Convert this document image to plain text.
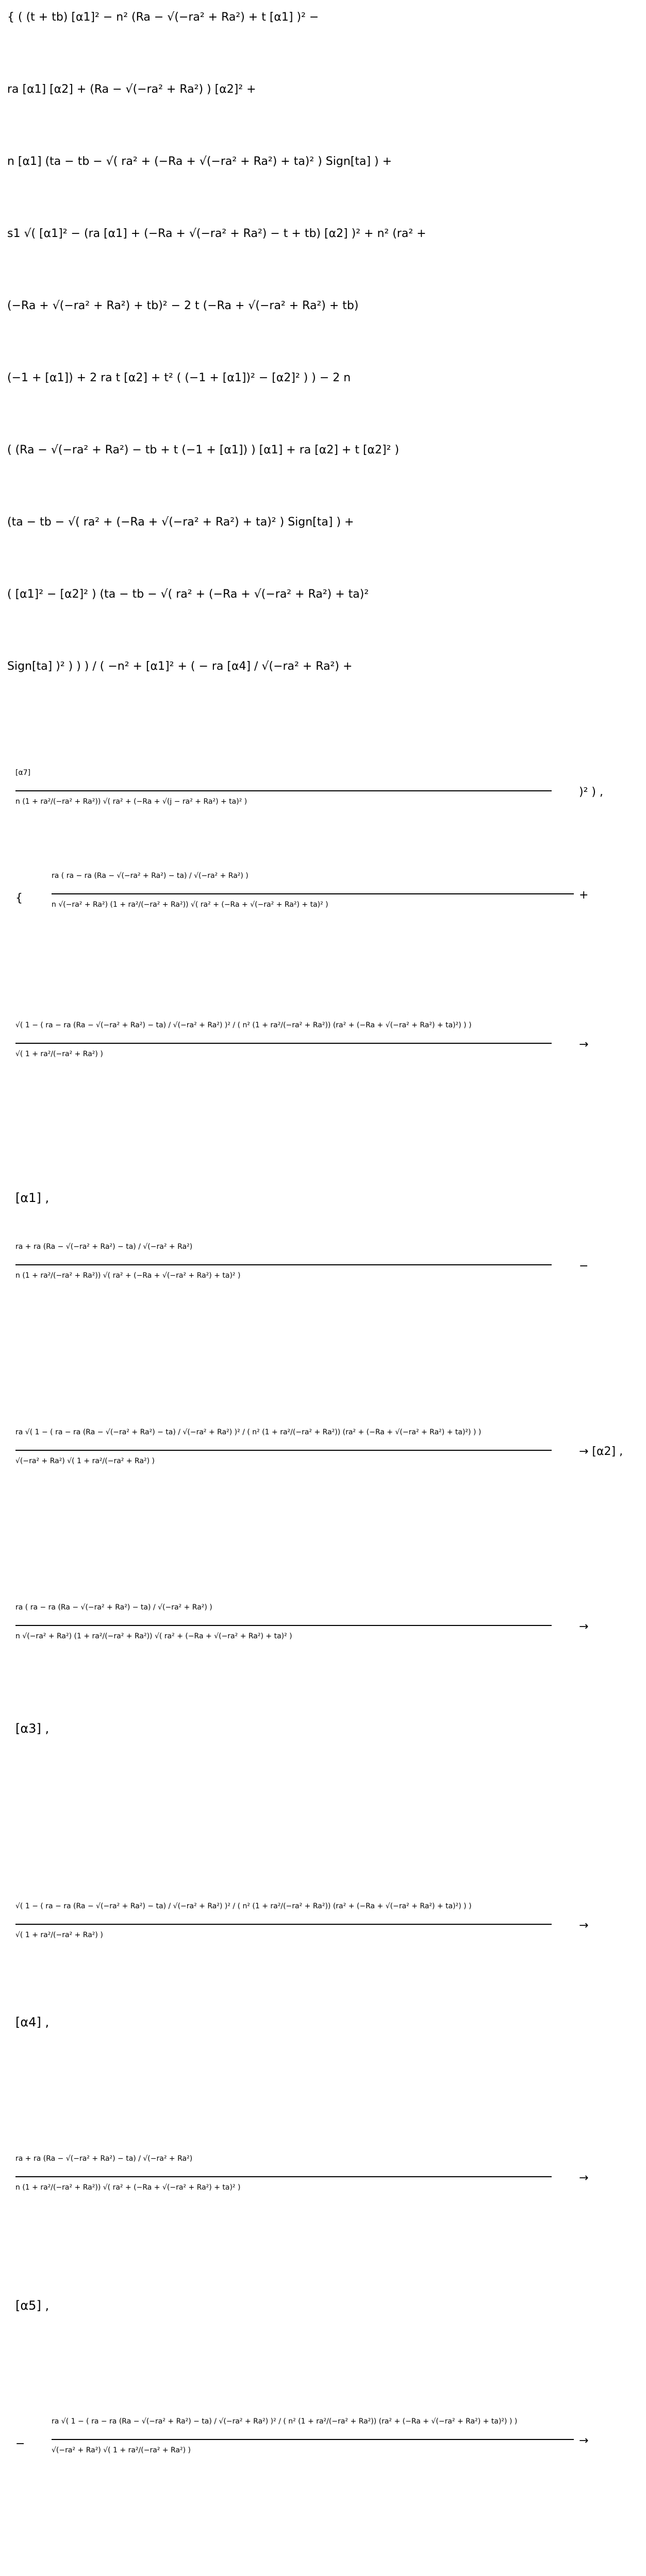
{ ( (t + tb) [α1]² − n² (Ra − √(−ra² + Ra²) + t [α1] )² −
ra [α1] [α2] + (Ra − √(−ra² + Ra²) ) [α2]² +
n [α1] (ta − tb − √( ra² + (−Ra + √(−ra² + Ra²) + ta)² ) Sign[ta] ) +
s1 √( [α1]² − (ra [α1] + (−Ra + √(−ra² + Ra²) − t + tb) [α2] )² + n² (ra² +
(−Ra + √(−ra² + Ra²) + tb)² − 2 t (−Ra + √(−ra² + Ra²) + tb)
(−1 + [α1]) + 2 ra t [α2] + t² ( (−1 + [α1])² − [α2]² ) ) − 2 n
( (Ra − √(−ra² + Ra²) − tb + t (−1 + [α1]) ) [α1] + ra [α2] + t [α2]² )
(ta − tb − √( ra² + (−Ra + √(−ra² + Ra²) + ta)² ) Sign[ta] ) +
( [α1]² − [α2]² ) (ta − tb − √( ra² + (−Ra + √(−ra² + Ra²) + ta)²
Sign[ta] )² ) ) ) / ( −n² + [α1]² + ( − ra [α4] / √(−ra² + Ra²) +
[α7]
n (1 + ra²/(−ra² + Ra²)) √( ra² + (−Ra + √(j − ra² + Ra²) + ta)² )
)² ) ,
{
ra ( ra − ra (Ra − √(−ra² + Ra²) − ta) / √(−ra² + Ra²) )
n √(−ra² + Ra²) (1 + ra²/(−ra² + Ra²)) √( ra² + (−Ra + √(−ra² + Ra²) + ta)² )
+
√( 1 − ( ra − ra (Ra − √(−ra² + Ra²) − ta) / √(−ra² + Ra²) )² / ( n² (1 + ra²/(−ra² + Ra²)) (ra² + (−Ra + √(−ra² + Ra²) + ta)²) ) )
√( 1 + ra²/(−ra² + Ra²) )
→
[α1] ,
ra + ra (Ra − √(−ra² + Ra²) − ta) / √(−ra² + Ra²)
n (1 + ra²/(−ra² + Ra²)) √( ra² + (−Ra + √(−ra² + Ra²) + ta)² )
−
ra √( 1 − ( ra − ra (Ra − √(−ra² + Ra²) − ta) / √(−ra² + Ra²) )² / ( n² (1 + ra²/(−ra² + Ra²)) (ra² + (−Ra + √(−ra² + Ra²) + ta)²) ) )
√(−ra² + Ra²) √( 1 + ra²/(−ra² + Ra²) )
→ [α2] ,
ra ( ra − ra (Ra − √(−ra² + Ra²) − ta) / √(−ra² + Ra²) )
n √(−ra² + Ra²) (1 + ra²/(−ra² + Ra²)) √( ra² + (−Ra + √(−ra² + Ra²) + ta)² )
→
[α3] ,
√( 1 − ( ra − ra (Ra − √(−ra² + Ra²) − ta) / √(−ra² + Ra²) )² / ( n² (1 + ra²/(−ra² + Ra²)) (ra² + (−Ra + √(−ra² + Ra²) + ta)²) ) )
√( 1 + ra²/(−ra² + Ra²) )
→
[α4] ,
ra + ra (Ra − √(−ra² + Ra²) − ta) / √(−ra² + Ra²)
n (1 + ra²/(−ra² + Ra²)) √( ra² + (−Ra + √(−ra² + Ra²) + ta)² )
→
[α5] ,
−
ra √( 1 − ( ra − ra (Ra − √(−ra² + Ra²) − ta) / √(−ra² + Ra²) )² / ( n² (1 + ra²/(−ra² + Ra²)) (ra² + (−Ra + √(−ra² + Ra²) + ta)²) ) )
√(−ra² + Ra²) √( 1 + ra²/(−ra² + Ra²) )
→
